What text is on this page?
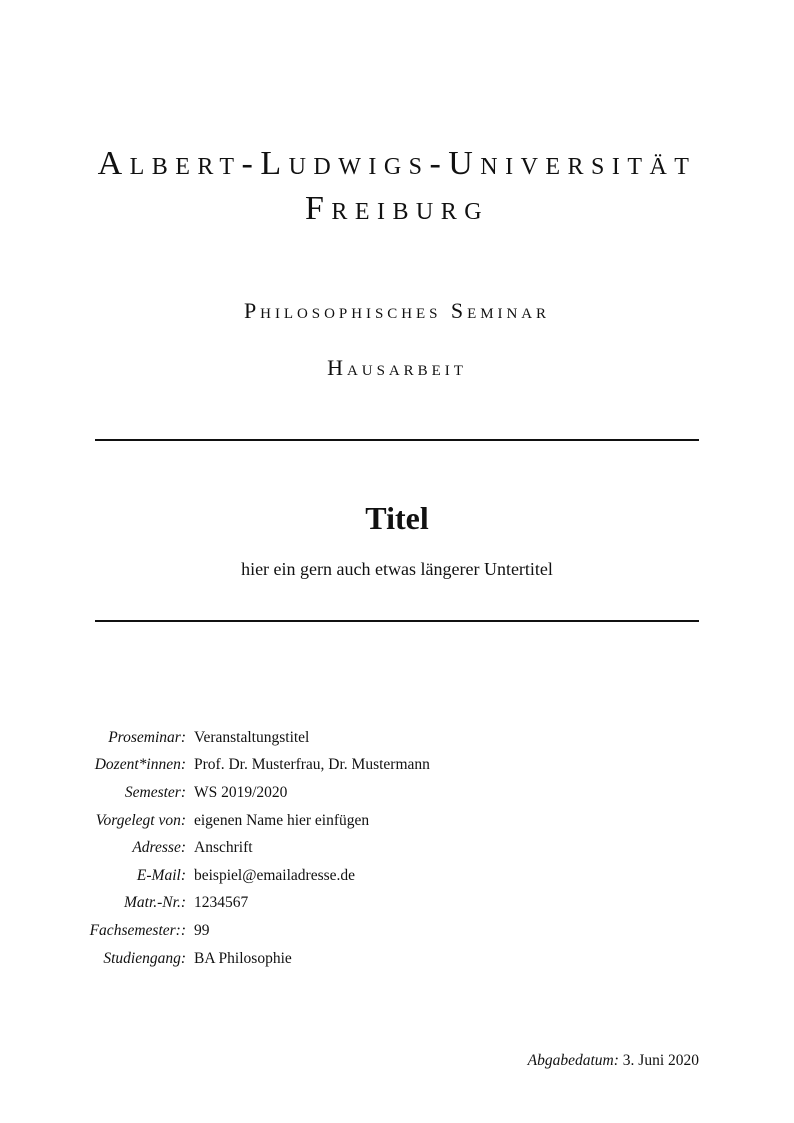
Albert-Ludwigs-Universität
Freiburg
Philosophisches Seminar
Hausarbeit
Titel
hier ein gern auch etwas längerer Untertitel
Proseminar: Veranstaltungstitel
Dozent*innen: Prof. Dr. Musterfrau, Dr. Mustermann
Semester: WS 2019/2020
Vorgelegt von: eigenen Name hier einfügen
Adresse: Anschrift
E-Mail: beispiel@emailadresse.de
Matr.-Nr.: 1234567
Fachsemester:: 99
Studiengang: BA Philosophie
Abgabedatum: 3. Juni 2020
